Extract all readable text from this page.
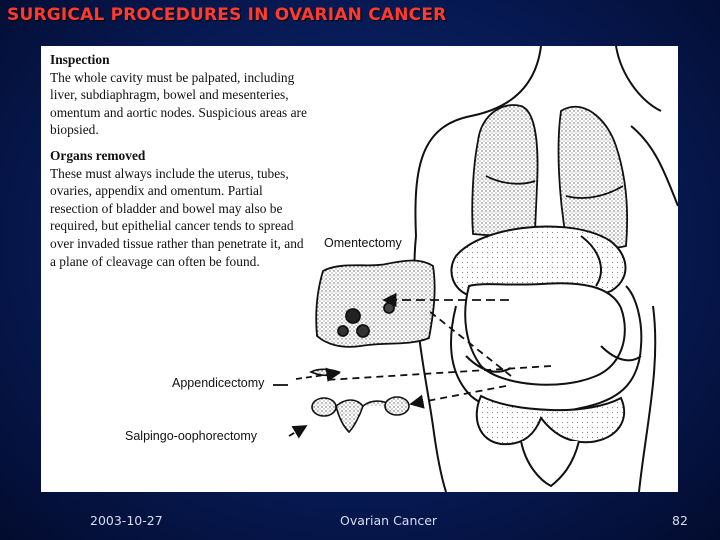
SURGICAL PROCEDURES IN OVARIAN CANCER
Inspection
The whole cavity must be palpated, including liver, subdiaphragm, bowel and mesenteries, omentum and aortic nodes. Suspicious areas are biopsied.
Organs removed
These must always include the uterus, tubes, ovaries, appendix and omentum. Partial resection of bladder and bowel may also be required, but epithelial cancer tends to spread over invaded tissue rather than penetrate it, and a plane of cleavage can often be found.
Omentectomy
Appendicectomy
Salpingo-oophorectomy
2003-10-27	Ovarian Cancer	82
